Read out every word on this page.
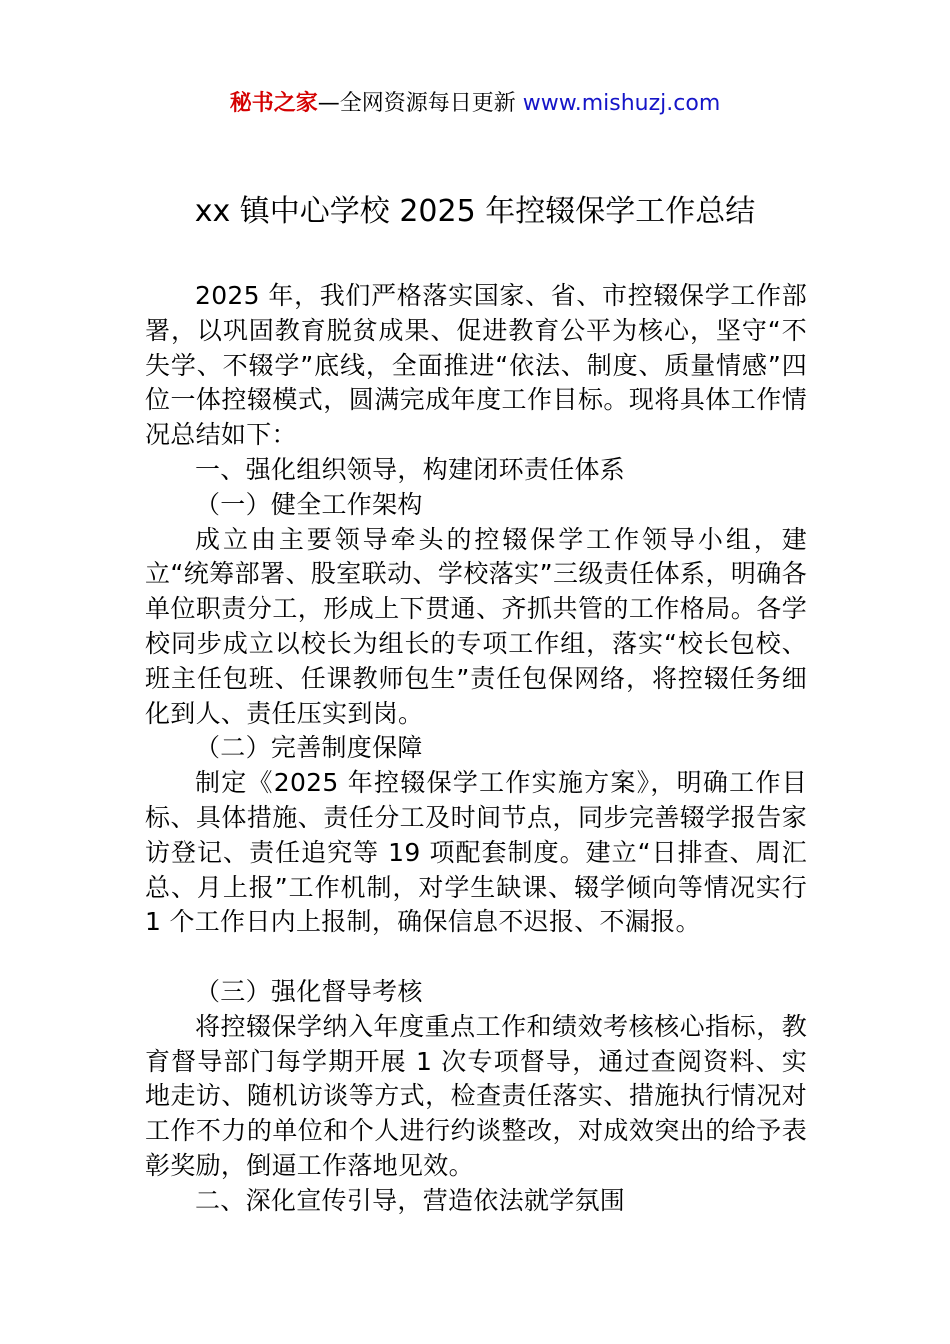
秘书之家—全网资源每日更新 www.mishuzj.com
xx 镇中心学校 2025 年控辍保学工作总结

2025 年，我们严格落实国家、省、市控辍保学工作部署，以巩固教育脱贫成果、促进教育公平为核心，坚守“不失学、不辍学”底线，全面推进“依法、制度、质量情感”四位一体控辍模式，圆满完成年度工作目标。现将具体工作情况总结如下：

一、强化组织领导，构建闭环责任体系

（一）健全工作架构

成立由主要领导牵头的控辍保学工作领导小组，建立“统筹部署、股室联动、学校落实”三级责任体系，明确各单位职责分工，形成上下贯通、齐抓共管的工作格局。各学校同步成立以校长为组长的专项工作组，落实“校长包校、班主任包班、任课教师包生”责任包保网络，将控辍任务细化到人、责任压实到岗。

（二）完善制度保障

制定《2025 年控辍保学工作实施方案》，明确工作目标、具体措施、责任分工及时间节点，同步完善辍学报告家访登记、责任追究等 19 项配套制度。建立“日排查、周汇总、月上报”工作机制，对学生缺课、辍学倾向等情况实行 1 个工作日内上报制，确保信息不迟报、不漏报。

（三）强化督导考核

将控辍保学纳入年度重点工作和绩效考核核心指标，教育督导部门每学期开展 1 次专项督导，通过查阅资料、实地走访、随机访谈等方式，检查责任落实、措施执行情况对工作不力的单位和个人进行约谈整改，对成效突出的给予表彰奖励，倒逼工作落地见效。

二、深化宣传引导，营造依法就学氛围
